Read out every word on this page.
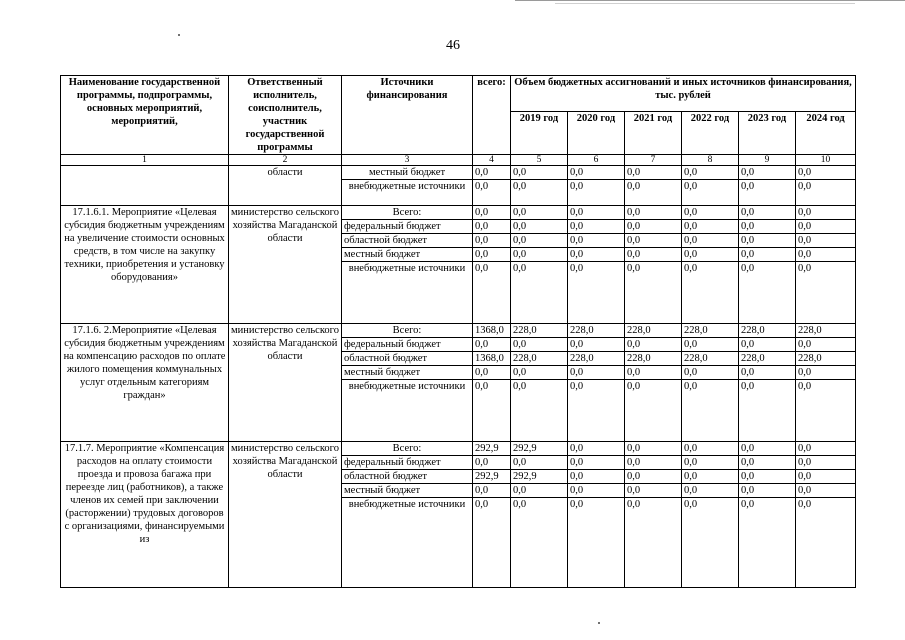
46
Наименование государственной программы, подпрограммы, основных мероприятий, мероприятий,	Ответственный исполнитель, соисполнитель, участник государственной программы	Источники финансирования	всего:	Объем бюджетных ассигнований и иных источников финансирования, тыс. рублей					
				2019 год	2020 год	2021 год	2022 год	2023 год	2024 год
1	2	3	4	5	6	7	8	9	10
	области	местный бюджет	0,0	0,0	0,0	0,0	0,0	0,0	0,0
		внебюджетные источники	0,0	0,0	0,0	0,0	0,0	0,0	0,0
17.1.6.1. Мероприятие «Целевая субсидия бюджетным учреждениям на увеличение стоимости основных средств, в том числе на закупку техники, приобретения и установку оборудования»	министерство сельского хозяйства Магаданской области	Всего:	0,0	0,0	0,0	0,0	0,0	0,0	0,0
		федеральный бюджет	0,0	0,0	0,0	0,0	0,0	0,0	0,0
		областной бюджет	0,0	0,0	0,0	0,0	0,0	0,0	0,0
		местный бюджет	0,0	0,0	0,0	0,0	0,0	0,0	0,0
		внебюджетные источники	0,0	0,0	0,0	0,0	0,0	0,0	0,0
17.1.6. 2.Мероприятие «Целевая субсидия бюджетным учреждениям на компенсацию расходов по оплате жилого помещения коммунальных услуг отдельным категориям граждан»	министерство сельского хозяйства Магаданской области	Всего:	1368,0	228,0	228,0	228,0	228,0	228,0	228,0
		федеральный бюджет	0,0	0,0	0,0	0,0	0,0	0,0	0,0
		областной бюджет	1368,0	228,0	228,0	228,0	228,0	228,0	228,0
		местный бюджет	0,0	0,0	0,0	0,0	0,0	0,0	0,0
		внебюджетные источники	0,0	0,0	0,0	0,0	0,0	0,0	0,0
17.1.7. Мероприятие «Компенсация расходов на оплату стоимости проезда и провоза багажа при переезде лиц (работников), а также членов их семей при заключении (расторжении) трудовых договоров с организациями, финансируемыми из	министерство сельского хозяйства Магаданской области	Всего:	292,9	292,9	0,0	0,0	0,0	0,0	0,0
		федеральный бюджет	0,0	0,0	0,0	0,0	0,0	0,0	0,0
		областной бюджет	292,9	292,9	0,0	0,0	0,0	0,0	0,0
		местный бюджет	0,0	0,0	0,0	0,0	0,0	0,0	0,0
		внебюджетные источники	0,0	0,0	0,0	0,0	0,0	0,0	0,0
